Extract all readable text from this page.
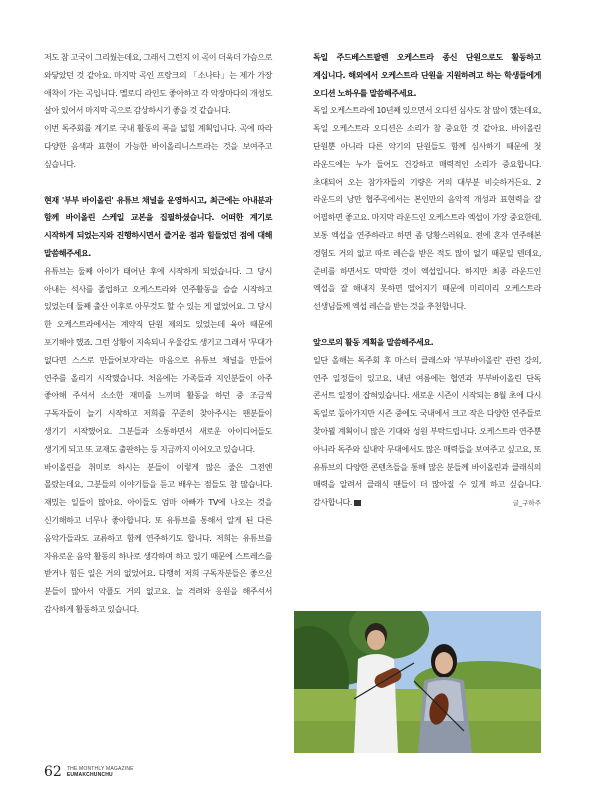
저도 참 고국이 그리웠는데요, 그래서 그런지 이 곡이 더욱더 가슴으로 와닿았던 것 같아요. 마지막 곡인 프랑크의 「소나타」는 제가 가장 애착이 가는 곡입니다. 멜로디 라인도 좋아하고 각 악장마다의 개성도 살아 있어서 마지막 곡으로 감상하시기 좋을 것 같습니다.

이번 독주회를 계기로 국내 활동의 폭을 넓힐 계획입니다. 곡에 따라 다양한 음색과 표현이 가능한 바이올리니스트라는 것을 보여주고 싶습니다.

현재 '부부 바이올린' 유튜브 채널을 운영하시고, 최근에는 아내분과 함께 바이올린 스케일 교본을 집필하셨습니다. 어떠한 계기로 시작하게 되었는지와 진행하시면서 즐거운 점과 힘들었던 점에 대해 말씀해주세요.

유튜브는 둘째 아이가 태어난 후에 시작하게 되었습니다. 그 당시 아내는 석사를 졸업하고 오케스트라와 연주활동을 슬슬 시작하고 있었는데 둘째 출산 이후로 아무것도 할 수 있는 게 없었어요. 그 당시 한 오케스트라에서는 계약직 단원 제의도 있었는데 육아 때문에 포기해야 했죠. 그런 상황이 지속되니 우울감도 생기고 그래서 '무대가 없다면 스스로 만들어보자'라는 마음으로 유튜브 채널을 만들어 연주를 올리기 시작했습니다. 처음에는 가족들과 지인분들이 아주 좋아해 주셔서 소소한 재미를 느끼며 활동을 하던 중 조금씩 구독자들이 늘기 시작하고 저희를 꾸준히 찾아주시는 팬분들이 생기기 시작했어요. 그분들과 소통하면서 새로운 아이디어들도 생기게 되고 또 교재도 출판하는 등 지금까지 이어오고 있습니다.

바이올린을 취미로 하시는 분들이 이렇게 많은 줄은 그전엔 몰랐는데요, 그분들의 이야기들을 듣고 배우는 점들도 참 많습니다. 재밌는 일들이 많아요. 아이들도 엄마 아빠가 TV에 나오는 것을 신기해하고 너무나 좋아합니다. 또 유튜브를 통해서 알게 된 다른 음악가들과도 교류하고 함께 연주하기도 합니다. 저희는 유튜브를 자유로운 음악 활동의 하나로 생각하며 하고 있기 때문에 스트레스를 받거나 힘든 일은 거의 없었어요. 다행히 저희 구독자분들은 좋으신 분들이 많아서 악플도 거의 없고요. 늘 격려와 응원을 해주셔서 감사하게 활동하고 있습니다.

독일 주드베스트팔렌 오케스트라 종신 단원으로도 활동하고 계십니다. 해외에서 오케스트라 단원을 지원하려고 하는 학생들에게 오디션 노하우를 말씀해주세요.

독일 오케스트라에 10년째 있으면서 오디션 심사도 참 많이 했는데요, 독일 오케스트라 오디션은 소리가 참 중요한 것 같아요. 바이올린 단원뿐 아니라 다른 악기의 단원들도 함께 심사하기 때문에 첫 라운드에는 누가 들어도 건강하고 매력적인 소리가 중요합니다. 초대되어 오는 참가자들의 기량은 거의 대부분 비슷하거든요. 2 라운드의 낭만 협주곡에서는 본인만의 음악적 개성과 표현력을 잘 어필하면 좋고요. 마지막 라운드인 오케스트라 엑섭이 가장 중요한데, 보통 엑섭을 연주하라고 하면 좀 당황스러워요. 전에 혼자 연주해본 경험도 거의 없고 따로 레슨을 받은 적도 많이 없기 때문일 텐데요, 준비를 하면서도 막막한 것이 엑섭입니다. 하지만 최종 라운드인 엑섭을 잘 해내지 못하면 떨어지기 때문에 미리미리 오케스트라 선생님들께 엑섭 레슨을 받는 것을 추천합니다.

앞으로의 활동 계획을 말씀해주세요.

일단 올해는 독주회 후 마스터 클래스와 '부부바이올린' 관련 강의, 연주 일정들이 있고요, 내년 여름에는 협연과 부부바이올린 단독 콘서트 일정이 잡혀있습니다. 새로운 시즌이 시작되는 8월 초에 다시 독일로 돌아가지만 시즌 중에도 국내에서 크고 작은 다양한 연주들로 찾아뵐 계획이니 많은 기대와 성원 부탁드립니다. 오케스트라 연주뿐 아니라 독주와 실내악 무대에서도 많은 매력들을 보여주고 싶고요, 또 유튜브의 다양한 콘텐츠들을 통해 많은 분들께 바이올린과 클래식의 매력을 알려서 클래식 팬들이 더 많아질 수 있게 하고 싶습니다. 감사합니다.	글_구하주
62 THE MONTHLY MAGAZINE
EUMAKCHUNCHU
